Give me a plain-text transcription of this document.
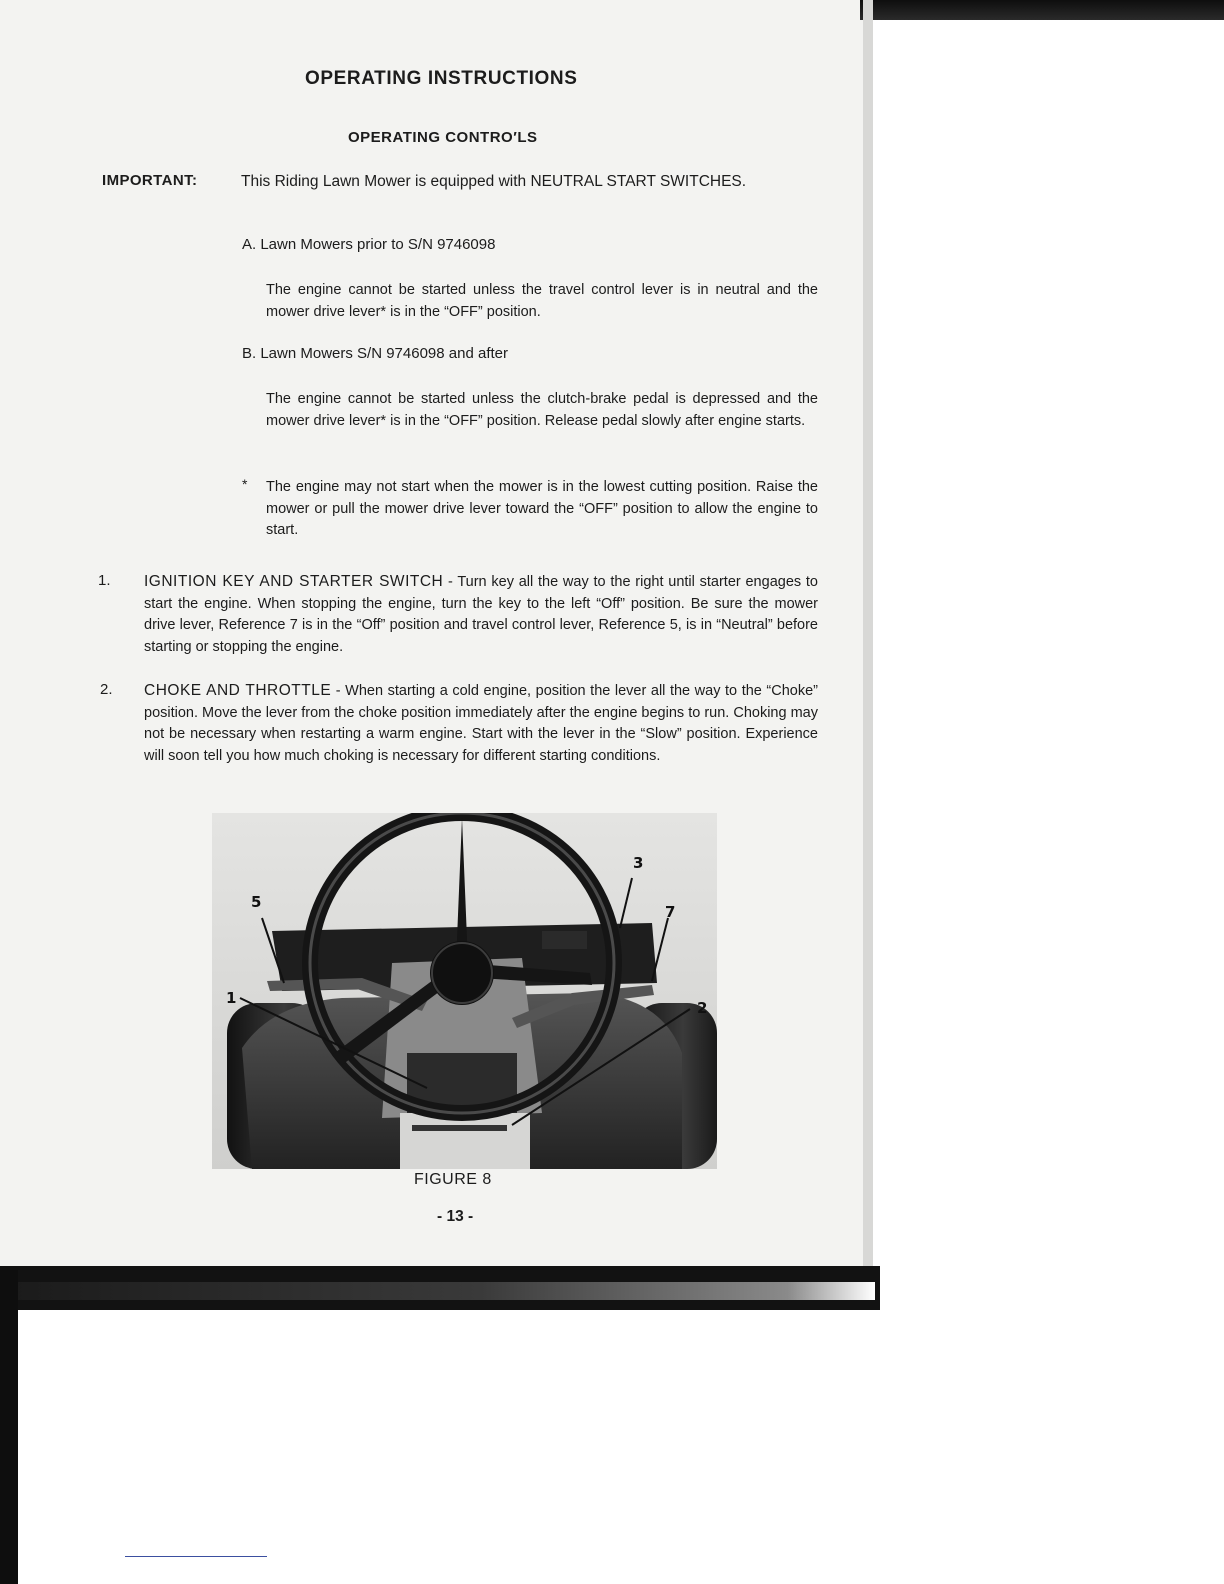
OPERATING INSTRUCTIONS
OPERATING CONTRO′LS
IMPORTANT:	This Riding Lawn Mower is equipped with NEUTRAL START SWITCHES.
A. Lawn Mowers prior to S/N 9746098
The engine cannot be started unless the travel control lever is in neutral and the mower drive lever* is in the “OFF” position.
B. Lawn Mowers S/N 9746098 and after
The engine cannot be started unless the clutch-brake pedal is depressed and the mower drive lever* is in the “OFF” position. Release pedal slowly after engine starts.
* The engine may not start when the mower is in the lowest cutting position. Raise the mower or pull the mower drive lever toward the “OFF” position to allow the engine to start.
1. IGNITION KEY AND STARTER SWITCH - Turn key all the way to the right until starter engages to start the engine. When stopping the engine, turn the key to the left “Off” position. Be sure the mower drive lever, Reference 7 is in the “Off” position and travel control lever, Reference 5, is in “Neutral” before starting or stopping the engine.
2. CHOKE AND THROTTLE - When starting a cold engine, position the lever all the way to the “Choke” position. Move the lever from the choke position immediately after the engine begins to run. Choking may not be necessary when restarting a warm engine. Start with the lever in the “Slow” position. Experience will soon tell you how much choking is necessary for different starting conditions.
5
1
3
7
2
FIGURE 8
- 13 -
